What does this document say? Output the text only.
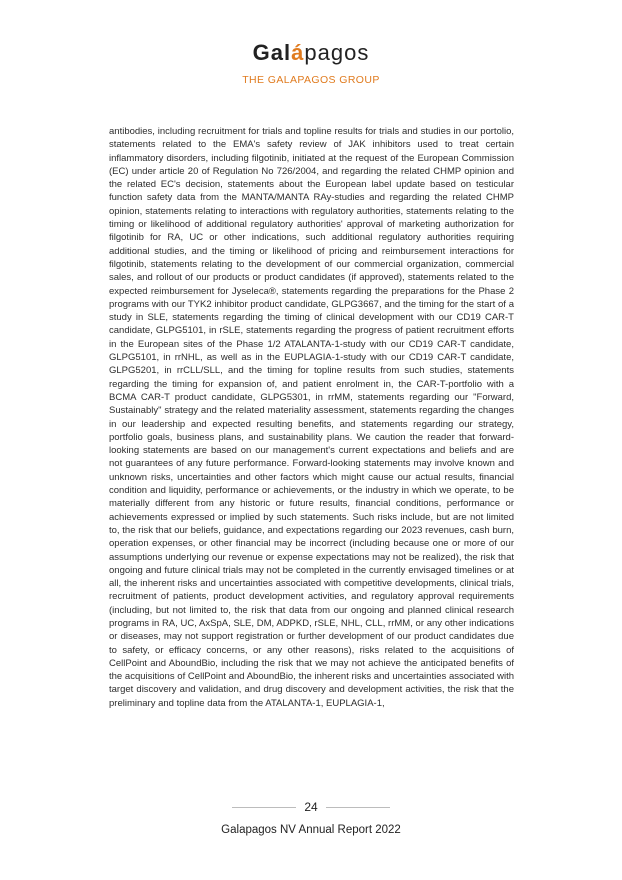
Gal á pagos
THE GALAPAGOS GROUP

antibodies, including recruitment for trials and topline results for trials and studies in our portolio, statements related to the EMA's safety review of JAK inhibitors used to treat certain inflammatory disorders, including filgotinib, initiated at the request of the European Commission (EC) under article 20 of Regulation No 726/2004, and regarding the related CHMP opinion and the related EC's decision, statements about the European label update based on testicular function safety data from the MANTA/MANTA RAy-studies and regarding the related CHMP opinion, statements relating to interactions with regulatory authorities, statements relating to the timing or likelihood of additional regulatory authorities' approval of marketing authorization for filgotinib for RA, UC or other indications, such additional regulatory authorities requiring additional studies, and the timing or likelihood of pricing and reimbursement interactions for filgotinib, statements relating to the development of our commercial organization, commercial sales, and rollout of our products or product candidates (if approved), statements related to the expected reimbursement for Jyseleca®, statements regarding the preparations for the Phase 2 programs with our TYK2 inhibitor product candidate, GLPG3667, and the timing for the start of a study in SLE, statements regarding the timing of clinical development with our CD19 CAR-T candidate, GLPG5101, in rSLE, statements regarding the progress of patient recruitment efforts in the European sites of the Phase 1/2 ATALANTA-1-study with our CD19 CAR-T candidate, GLPG5101, in rrNHL, as well as in the EUPLAGIA-1-study with our CD19 CAR-T candidate, GLPG5201, in rrCLL/SLL, and the timing for topline results from such studies, statements regarding the timing for expansion of, and patient enrolment in, the CAR-T-portfolio with a BCMA CAR-T product candidate, GLPG5301, in rrMM, statements regarding our "Forward, Sustainably" strategy and the related materiality assessment, statements regarding the changes in our leadership and expected resulting benefits, and statements regarding our strategy, portfolio goals, business plans, and sustainability plans. We caution the reader that forward-looking statements are based on our management's current expectations and beliefs and are not guarantees of any future performance. Forward-looking statements may involve known and unknown risks, uncertainties and other factors which might cause our actual results, financial condition and liquidity, performance or achievements, or the industry in which we operate, to be materially different from any historic or future results, financial conditions, performance or achievements expressed or implied by such statements. Such risks include, but are not limited to, the risk that our beliefs, guidance, and expectations regarding our 2023 revenues, cash burn, operation expenses, or other financial may be incorrect (including because one or more of our assumptions underlying our revenue or expense expectations may not be realized), the risk that ongoing and future clinical trials may not be completed in the currently envisaged timelines or at all, the inherent risks and uncertainties associated with competitive developments, clinical trials, recruitment of patients, product development activities, and regulatory approval requirements (including, but not limited to, the risk that data from our ongoing and planned clinical research programs in RA, UC, AxSpA, SLE, DM, ADPKD, rSLE, NHL, CLL, rrMM, or any other indications or diseases, may not support registration or further development of our product candidates due to safety, or efficacy concerns, or any other reasons), risks related to the acquisitions of CellPoint and AboundBio, including the risk that we may not achieve the anticipated benefits of the acquisitions of CellPoint and AboundBio, the inherent risks and uncertainties associated with target discovery and validation, and drug discovery and development activities, the risk that the preliminary and topline data from the ATALANTA-1, EUPLAGIA-1,

24
Galapagos NV Annual Report 2022
